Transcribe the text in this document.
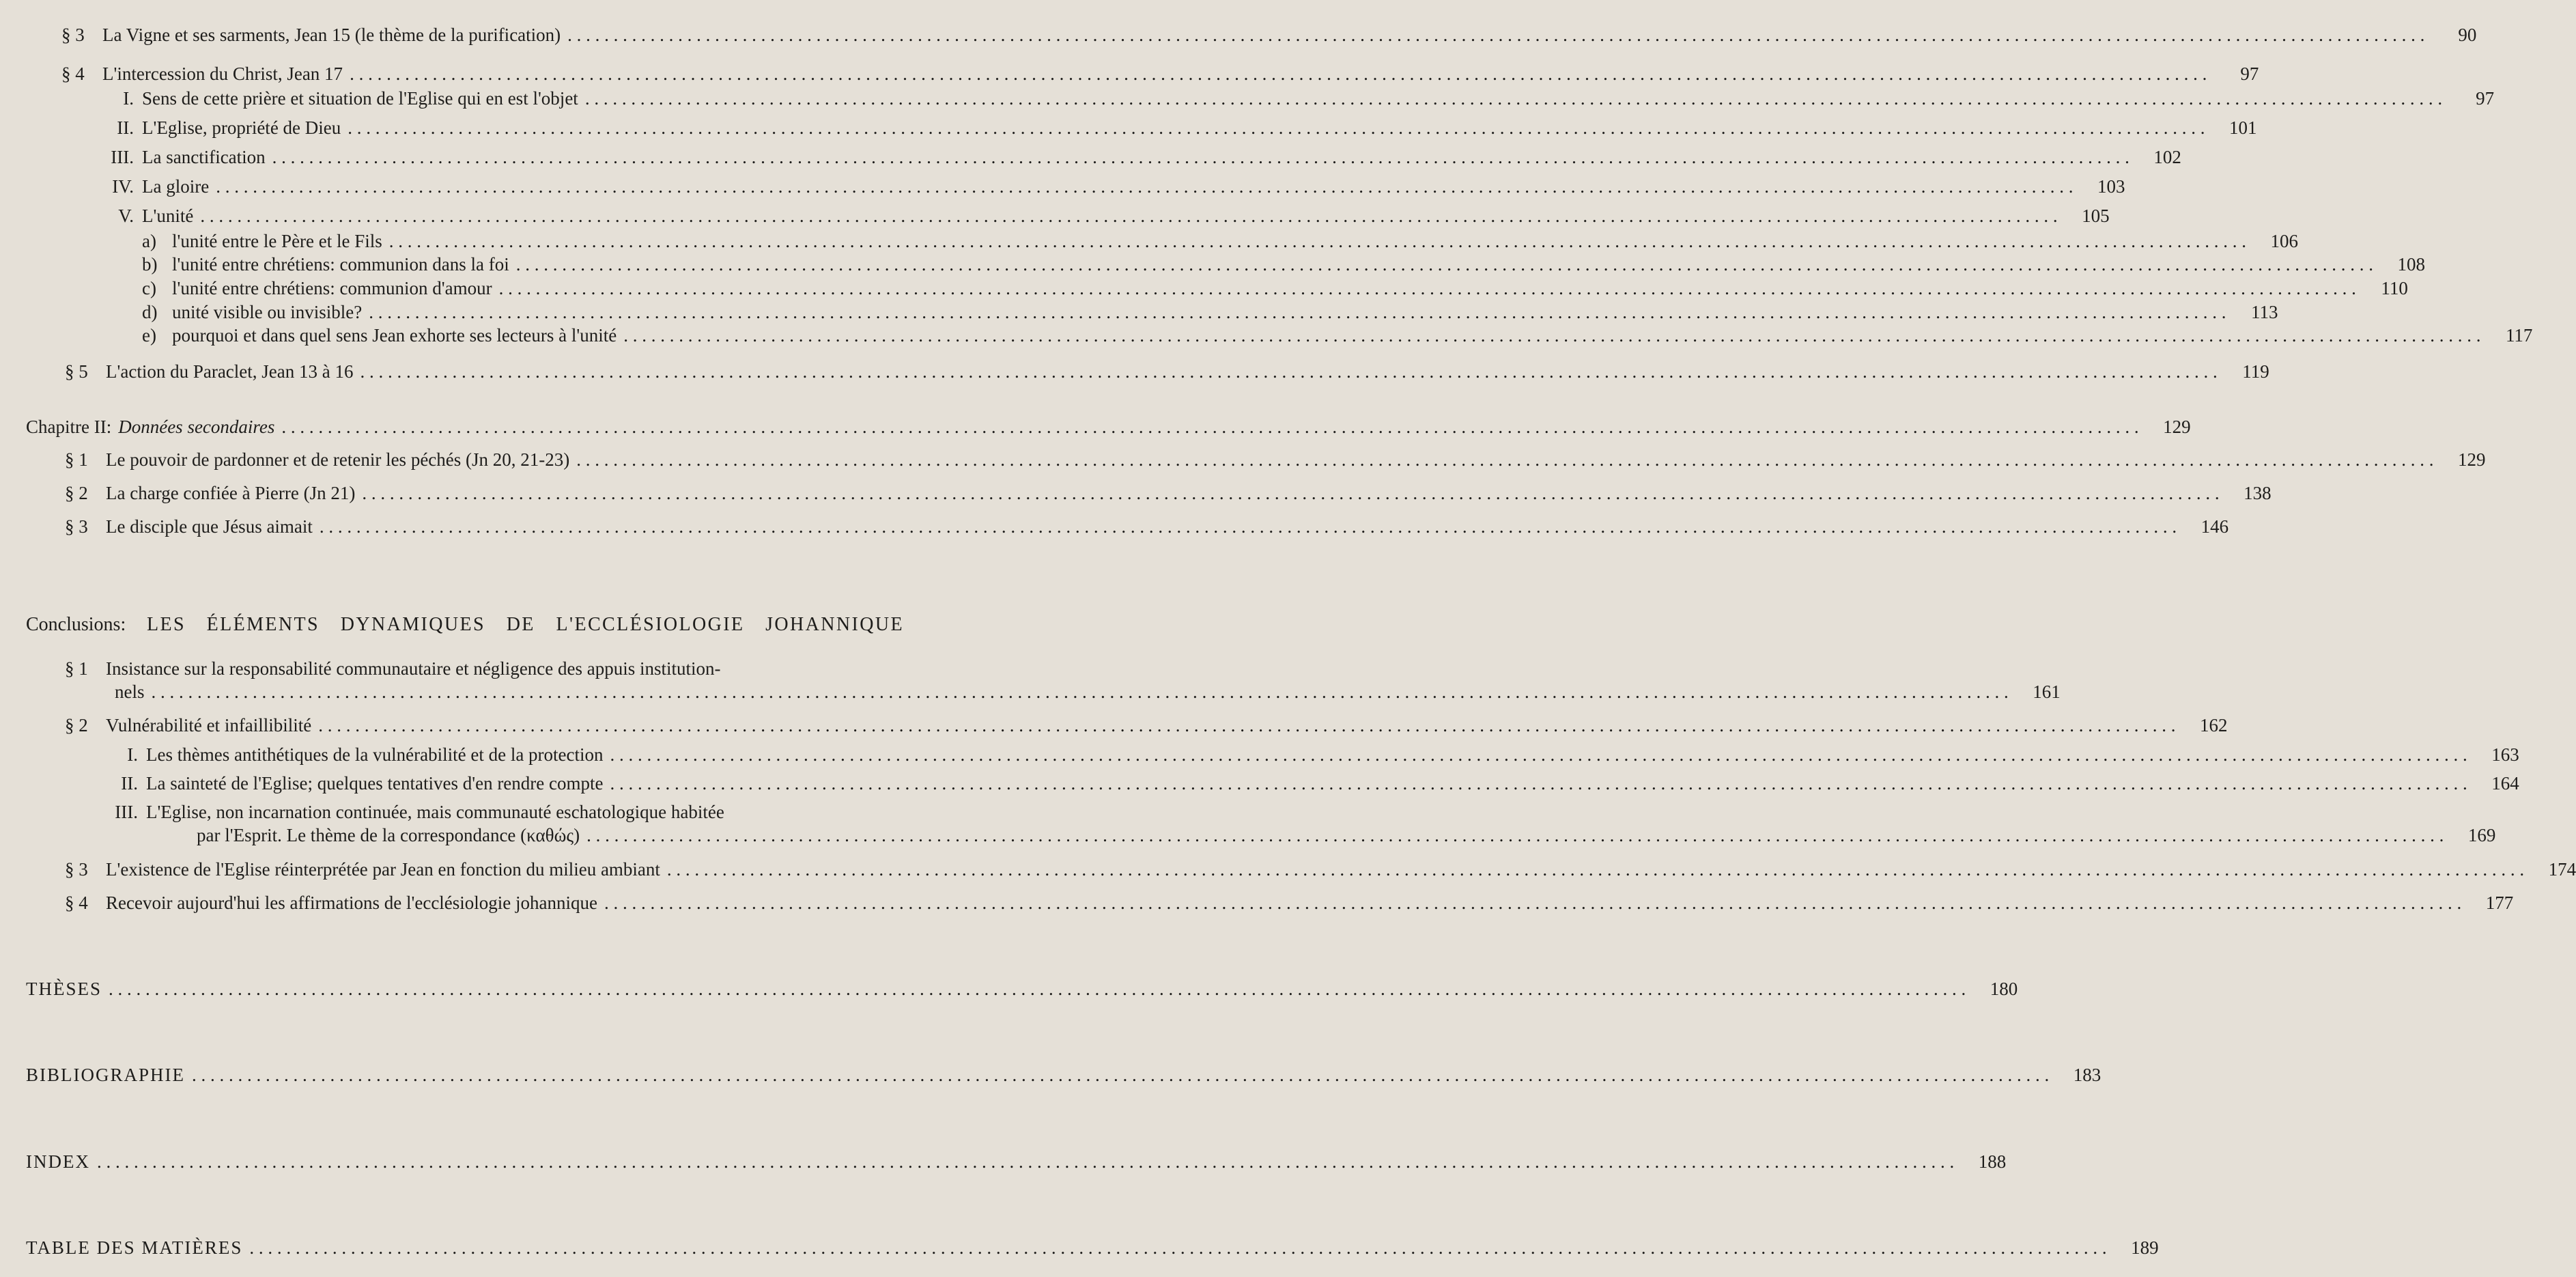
§ 3 La Vigne et ses sarments, Jean 15 (le thème de la purification) . . .	90
§ 4 L'intercession du Christ, Jean 17 . . .	97
I. Sens de cette prière et situation de l'Eglise qui en est l'objet . . .	97
II. L'Eglise, propriété de Dieu . . .	101
III. La sanctification . . .	102
IV. La gloire . . .	103
V. L'unité . . .	105
a) l'unité entre le Père et le Fils . . .	106
b) l'unité entre chrétiens: communion dans la foi . . .	108
c) l'unité entre chrétiens: communion d'amour . . .	110
d) unité visible ou invisible? . . .	113
e) pourquoi et dans quel sens Jean exhorte ses lecteurs à l'unité . . .	117
§ 5 L'action du Paraclet, Jean 13 à 16 . . .	119
Chapitre II: Données secondaires . . .	129
§ 1 Le pouvoir de pardonner et de retenir les péchés (Jn 20, 21-23) . . .	129
§ 2 La charge confiée à Pierre (Jn 21) . . .	138
§ 3 Le disciple que Jésus aimait . . .	146
Conclusions: LES ÉLÉMENTS DYNAMIQUES DE L'ECCLÉSIOLOGIE JOHANNIQUE
§ 1 Insistance sur la responsabilité communautaire et négligence des appuis institution-
nels . . .	161
§ 2 Vulnérabilité et infaillibilité . . .	162
I. Les thèmes antithétiques de la vulnérabilité et de la protection . . .	163
II. La sainteté de l'Eglise; quelques tentatives d'en rendre compte . . .	164
III. L'Eglise, non incarnation continuée, mais communauté eschatologique habitée
par l'Esprit. Le thème de la correspondance (καθώς) . . .	169
§ 3 L'existence de l'Eglise réinterprétée par Jean en fonction du milieu ambiant . . .	174
§ 4 Recevoir aujourd'hui les affirmations de l'ecclésiologie johannique . . .	177
THÈSES . . .	180
BIBLIOGRAPHIE . . .	183
INDEX . . .	188
TABLE DES MATIÈRES . . .	189
